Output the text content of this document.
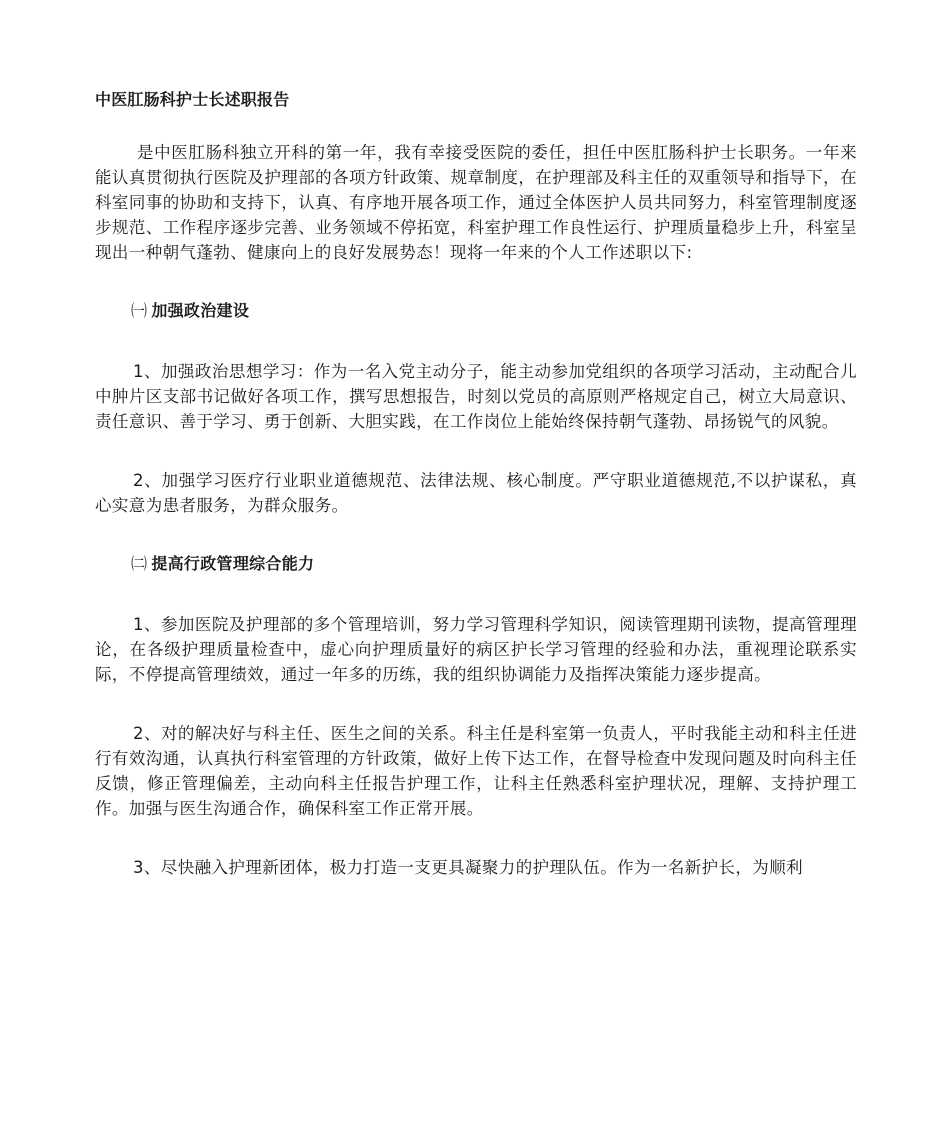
中医肛肠科护士长述职报告

是中医肛肠科独立开科的第一年，我有幸接受医院的委任，担任中医肛肠科护士长职务。一年来能认真贯彻执行医院及护理部的各项方针政策、规章制度，在护理部及科主任的双重领导和指导下，在科室同事的协助和支持下，认真、有序地开展各项工作，通过全体医护人员共同努力，科室管理制度逐步规范、工作程序逐步完善、业务领域不停拓宽，科室护理工作良性运行、护理质量稳步上升，科室呈现出一种朝气蓬勃、健康向上的良好发展势态！现将一年来的个人工作述职以下:

㈠ 加强政治建设

1、加强政治思想学习：作为一名入党主动分子，能主动参加党组织的各项学习活动，主动配合儿中肿片区支部书记做好各项工作，撰写思想报告，时刻以党员的高原则严格规定自己，树立大局意识、责任意识、善于学习、勇于创新、大胆实践，在工作岗位上能始终保持朝气蓬勃、昂扬锐气的风貌。

2、加强学习医疗行业职业道德规范、法律法规、核心制度。严守职业道德规范,不以护谋私，真心实意为患者服务，为群众服务。

㈡ 提高行政管理综合能力

1、参加医院及护理部的多个管理培训，努力学习管理科学知识，阅读管理期刊读物，提高管理理论，在各级护理质量检查中，虚心向护理质量好的病区护长学习管理的经验和办法，重视理论联系实际，不停提高管理绩效，通过一年多的历练，我的组织协调能力及指挥决策能力逐步提高。

2、对的解决好与科主任、医生之间的关系。科主任是科室第一负责人，平时我能主动和科主任进行有效沟通，认真执行科室管理的方针政策，做好上传下达工作，在督导检查中发现问题及时向科主任反馈，修正管理偏差，主动向科主任报告护理工作，让科主任熟悉科室护理状况，理解、支持护理工作。加强与医生沟通合作，确保科室工作正常开展。

3、尽快融入护理新团体，极力打造一支更具凝聚力的护理队伍。作为一名新护长，为顺利
